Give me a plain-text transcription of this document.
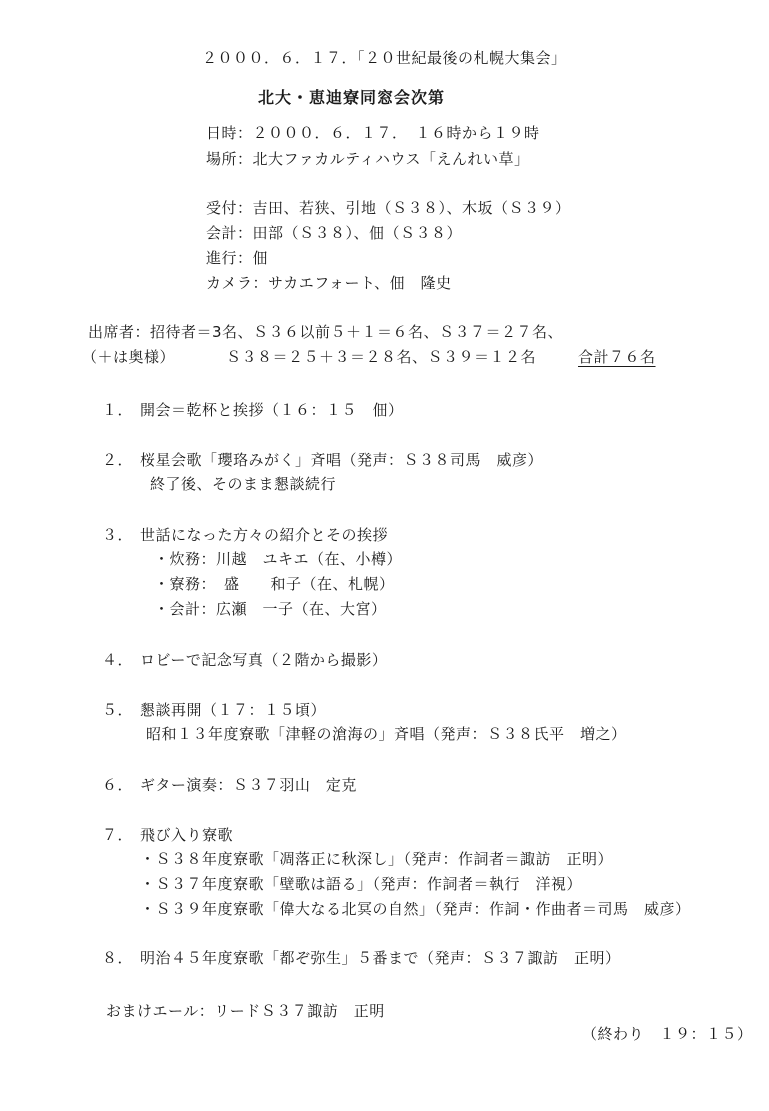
２０００．６．１７．「２０世紀最後の札幌大集会」
北大・恵迪寮同窓会次第
日時：２０００．６．１７．　１６時から１９時
場所：北大ファカルティハウス「えんれい草」
受付：吉田、若狭、引地（Ｓ３８）、木坂（Ｓ３９）
会計：田部（Ｓ３８）、佃（Ｓ３８）
進行：佃
カメラ：サカエフォート、佃　隆史
出席者：招待者＝3名、Ｓ３６以前５＋１＝６名、Ｓ３７＝２７名、
（＋は奥様）	Ｓ３８＝２５＋３＝２８名、Ｓ３９＝１２名	合計７６名
１． 開会＝乾杯と挨拶（１６：１５　佃）
２． 桜星会歌「瓔珞みがく」斉唱（発声：Ｓ３８司馬　威彦）
終了後、そのまま懇談続行
３． 世話になった方々の紹介とその挨拶
・炊務：川越　ユキエ（在、小樽）
・寮務：　盛　　和子（在、札幌）
・会計：広瀬　一子（在、大宮）
４． ロビーで記念写真（２階から撮影）
５． 懇談再開（１７：１５頃）
昭和１３年度寮歌「津軽の滄海の」斉唱（発声：Ｓ３８氏平　増之）
６． ギター演奏：Ｓ３７羽山　定克
７． 飛び入り寮歌
・Ｓ３８年度寮歌「凋落正に秋深し」（発声：作詞者＝諏訪　正明）
・Ｓ３７年度寮歌「壁歌は語る」（発声：作詞者＝執行　洋視）
・Ｓ３９年度寮歌「偉大なる北冥の自然」（発声：作詞・作曲者＝司馬　威彦）
８． 明治４５年度寮歌「都ぞ弥生」５番まで（発声：Ｓ３７諏訪　正明）
おまけエール：リードＳ３７諏訪　正明
（終わり　１９：１５）
